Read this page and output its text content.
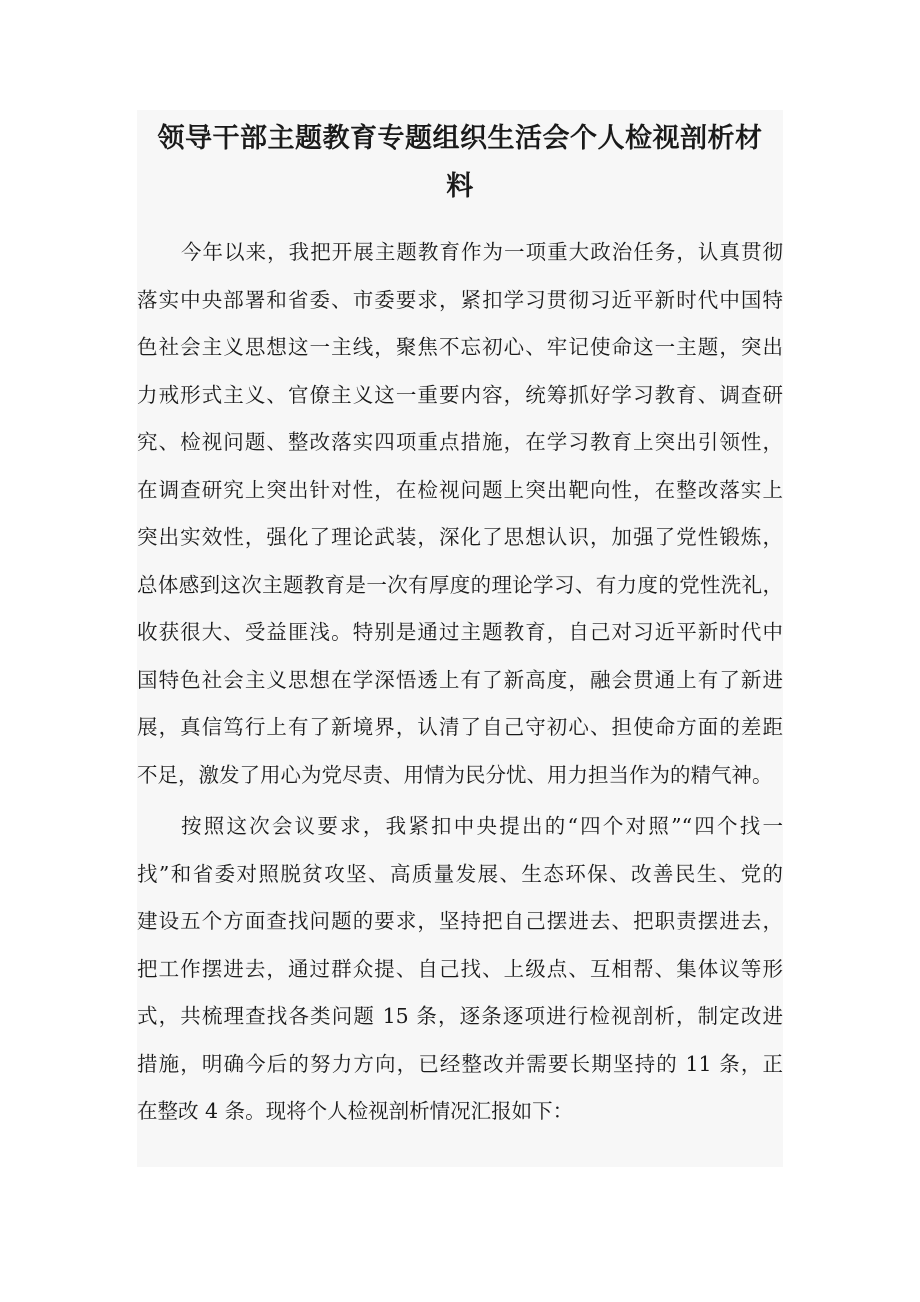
领导干部主题教育专题组织生活会个人检视剖析材
料
今年以来，我把开展主题教育作为一项重大政治任务，认真贯彻
落实中央部署和省委、市委要求，紧扣学习贯彻习近平新时代中国特
色社会主义思想这一主线，聚焦不忘初心、牢记使命这一主题，突出
力戒形式主义、官僚主义这一重要内容，统筹抓好学习教育、调查研
究、检视问题、整改落实四项重点措施，在学习教育上突出引领性，
在调查研究上突出针对性，在检视问题上突出靶向性，在整改落实上
突出实效性，强化了理论武装，深化了思想认识，加强了党性锻炼，
总体感到这次主题教育是一次有厚度的理论学习、有力度的党性洗礼，
收获很大、受益匪浅。特别是通过主题教育，自己对习近平新时代中
国特色社会主义思想在学深悟透上有了新高度，融会贯通上有了新进
展，真信笃行上有了新境界，认清了自己守初心、担使命方面的差距
不足，激发了用心为党尽责、用情为民分忧、用力担当作为的精气神。
按照这次会议要求，我紧扣中央提出的“四个对照”“四个找一
找”和省委对照脱贫攻坚、高质量发展、生态环保、改善民生、党的
建设五个方面查找问题的要求，坚持把自己摆进去、把职责摆进去，
把工作摆进去，通过群众提、自己找、上级点、互相帮、集体议等形
式，共梳理查找各类问题 15 条，逐条逐项进行检视剖析，制定改进
措施，明确今后的努力方向，已经整改并需要长期坚持的 11 条，正
在整改 4 条。现将个人检视剖析情况汇报如下：
